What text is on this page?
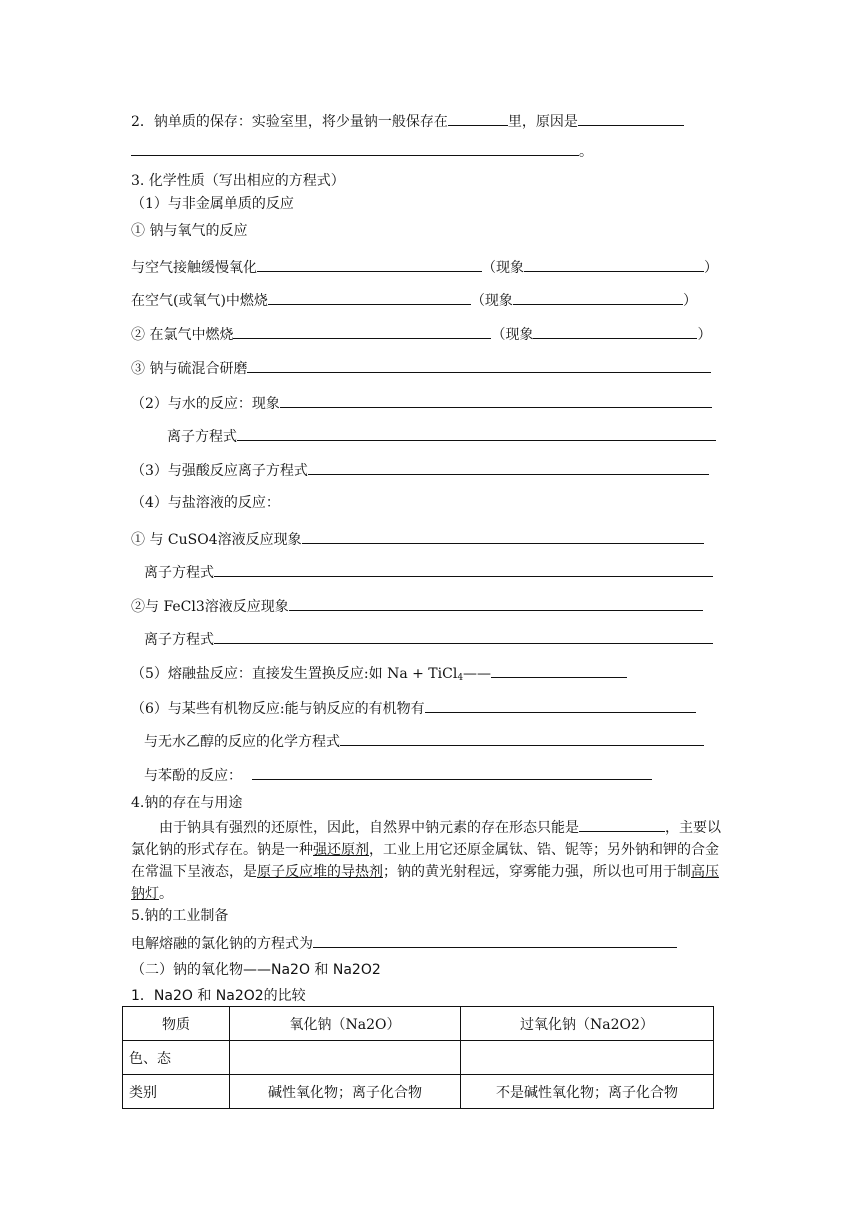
2．钠单质的保存：实验室里，将少量钠一般保存在	里，原因是
。
3. 化学性质（写出相应的方程式）
（1）与非金属单质的反应
① 钠与氧气的反应
与空气接触缓慢氧化	（现象	）
在空气(或氧气)中燃烧	（现象	）
② 在氯气中燃烧	（现象	）
③ 钠与硫混合研磨
（2）与水的反应：现象
离子方程式
（3）与强酸反应离子方程式
（4）与盐溶液的反应：
① 与 CuSO4溶液反应现象
离子方程式
②与 FeCl3溶液反应现象
离子方程式
（5）熔融盐反应：直接发生置换反应:如 Na + TiCl$_4$——
（6）与某些有机物反应:能与钠反应的有机物有
与无水乙醇的反应的化学方程式
与苯酚的反应：
4.钠的存在与用途
由于钠具有强烈的还原性，因此，自然界中钠元素的存在形态只能是	，主要以氯化钠的形式存在。钠是一种强还原剂，工业上用它还原金属钛、锆、铌等；另外钠和钾的合金在常温下呈液态，是原子反应堆的导热剂；钠的黄光射程远，穿雾能力强，所以也可用于制高压钠灯。
5.钠的工业制备
电解熔融的氯化钠的方程式为
（二）钠的氧化物——Na2O 和 Na2O2
1．Na2O 和 Na2O2的比较
物质	氧化钠（Na2O）	过氧化钠（Na2O2）
色、态		
类别	碱性氧化物；离子化合物	不是碱性氧化物；离子化合物
